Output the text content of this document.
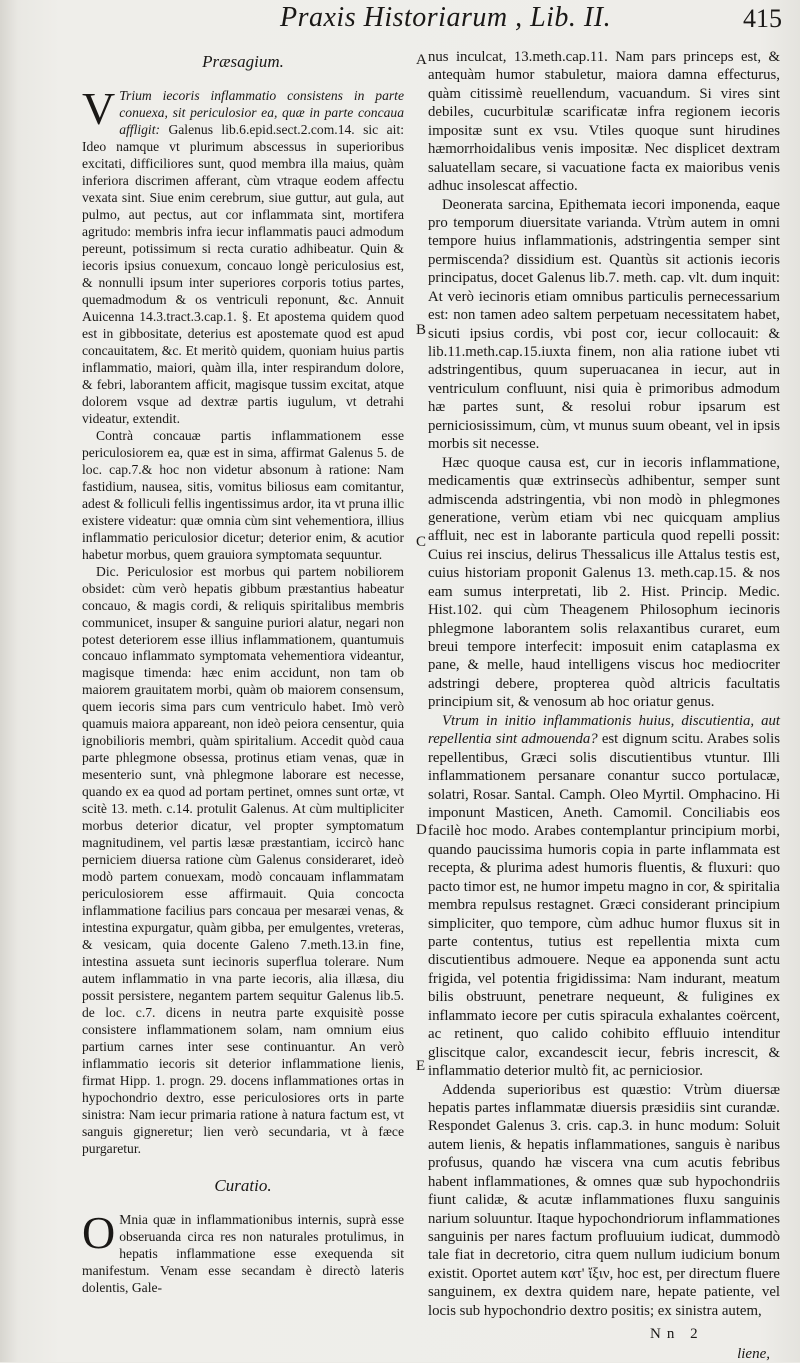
Praxis Historiarum , Lib. II.	415
A
B
C
D
E
Præsagium.

V Trium iecoris inflammatio consistens in parte conuexa, sit periculosior ea, quæ in parte concaua affligit: Galenus lib.6.epid.sect.2.com.14. sic ait: Ideo namque vt plurimum abscessus in superioribus excitati, difficiliores sunt, quod membra illa maius, quàm inferiora discrimen afferant, cùm vtraque eodem affectu vexata sint. Siue enim cerebrum, siue guttur, aut gula, aut pulmo, aut pectus, aut cor inflammata sint, mortifera agritudo: membris infra iecur inflammatis pauci admodum pereunt, potissimum si recta curatio adhibeatur. Quin & iecoris ipsius conuexum, concauo longè periculosius est, & nonnulli ipsum inter superiores corporis totius partes, quemadmodum & os ventriculi reponunt, &c. Annuit Auicenna 14.3.tract.3.cap.1. §. Et apostema quidem quod est in gibbositate, deterius est apostemate quod est apud concauitatem, &c. Et meritò quidem, quoniam huius partis inflammatio, maiori, quàm illa, inter respirandum dolore, & febri, laborantem afficit, magisque tussim excitat, atque dolorem vsque ad dextræ partis iugulum, vt detrahi videatur, extendit.

Contrà concauæ partis inflammationem esse periculosiorem ea, quæ est in sima, affirmat Galenus 5. de loc. cap.7.& hoc non videtur absonum à ratione: Nam fastidium, nausea, sitis, vomitus biliosus eam comitantur, adest & folliculi fellis ingentissimus ardor, ita vt pruna illic existere videatur: quæ omnia cùm sint vehementiora, illius inflammatio periculosior dicetur; deterior enim, & acutior habetur morbus, quem grauiora symptomata sequuntur.

Dic. Periculosior est morbus qui partem nobiliorem obsidet: cùm verò hepatis gibbum præstantius habeatur concauo, & magis cordi, & reliquis spiritalibus membris communicet, insuper & sanguine puriori alatur, negari non potest deteriorem esse illius inflammationem, quantumuis concauo inflammato symptomata vehementiora videantur, magisque timenda: hæc enim accidunt, non tam ob maiorem grauitatem morbi, quàm ob maiorem consensum, quem iecoris sima pars cum ventriculo habet. Imò verò quamuis maiora appareant, non ideò peiora censentur, quia ignobilioris membri, quàm spiritalium. Accedit quòd caua parte phlegmone obsessa, protinus etiam venas, quæ in mesenterio sunt, vnà phlegmone laborare est necesse, quando ex ea quod ad portam pertinet, omnes sunt ortæ, vt scitè 13. meth. c.14. protulit Galenus. At cùm multipliciter morbus deterior dicatur, vel propter symptomatum magnitudinem, vel partis læsæ præstantiam, iccircò hanc perniciem diuersa ratione cùm Galenus consideraret, ideò modò partem conuexam, modò concauam inflammatam periculosiorem esse affirmauit. Quia concocta inflammatione facilius pars concaua per mesaræi venas, & intestina expurgatur, quàm gibba, per emulgentes, vreteras, & vesicam, quia docente Galeno 7.meth.13.in fine, intestina assueta sunt iecinoris superflua tolerare. Num autem inflammatio in vna parte iecoris, alia illæsa, diu possit persistere, negantem partem sequitur Galenus lib.5. de loc. c.7. dicens in neutra parte exquisitè posse consistere inflammationem solam, nam omnium eius partium carnes inter sese continuantur. An verò inflammatio iecoris sit deterior inflammatione lienis, firmat Hipp. 1. progn. 29. docens inflammationes ortas in hypochondrio dextro, esse periculosiores orts in parte sinistra: Nam iecur primaria ratione à natura factum est, vt sanguis gigneretur; lien verò secundaria, vt à fæce purgaretur.

Curatio.

O Mnia quæ in inflammationibus internis, suprà esse obseruanda circa res non naturales protulimus, in hepatis inflammatione esse exequenda sit manifestum. Venam esse secandam è directò lateris dolentis, Gale-

nus inculcat, 13.meth.cap.11. Nam pars princeps est, & antequàm humor stabuletur, maiora damna effecturus, quàm citissimè reuellendum, vacuandum. Si vires sint debiles, cucurbitulæ scarificatæ infra regionem iecoris impositæ sunt ex vsu. Vtiles quoque sunt hirudines hæmorrhoidalibus venis impositæ. Nec displicet dextram saluatellam secare, si vacuatione facta ex maioribus venis adhuc insolescat affectio.

Deonerata sarcina, Epithemata iecori imponenda, eaque pro temporum diuersitate varianda. Vtrùm autem in omni tempore huius inflammationis, adstringentia semper sint permiscenda? dissidium est. Quantùs sit actionis iecoris principatus, docet Galenus lib.7. meth. cap. vlt. dum inquit: At verò iecinoris etiam omnibus particulis pernecessarium est: non tamen adeo saltem perpetuam necessitatem habet, sicuti ipsius cordis, vbi post cor, iecur collocauit: & lib.11.meth.cap.15.iuxta finem, non alia ratione iubet vti adstringentibus, quum superuacanea in iecur, aut in ventriculum confluunt, nisi quia è primoribus admodum hæ partes sunt, & resolui robur ipsarum est perniciosissimum, cùm, vt munus suum obeant, vel in ipsis morbis sit necesse.

Hæc quoque causa est, cur in iecoris inflammatione, medicamentis quæ extrinsecùs adhibentur, semper sunt admiscenda adstringentia, vbi non modò in phlegmones generatione, verùm etiam vbi nec quicquam amplius affluit, nec est in laborante particula quod repelli possit: Cuius rei inscius, delirus Thessalicus ille Attalus testis est, cuius historiam proponit Galenus 13. meth.cap.15. & nos eam sumus interpretati, lib 2. Hist. Princip. Medic. Hist.102. qui cùm Theagenem Philosophum iecinoris phlegmone laborantem solis relaxantibus curaret, eum breui tempore interfecit: imposuit enim cataplasma ex pane, & melle, haud intelligens viscus hoc mediocriter adstringi debere, propterea quòd altricis facultatis principium sit, & venosum ab hoc oriatur genus.

Vtrum in initio inflammationis huius, discutientia, aut repellentia sint admouenda? est dignum scitu. Arabes solis repellentibus, Græci solis discutientibus vtuntur. Illi inflammationem persanare conantur succo portulacæ, solatri, Rosar. Santal. Camph. Oleo Myrtil. Omphacino. Hi imponunt Masticen, Aneth. Camomil. Conciliabis eos facilè hoc modo. Arabes contemplantur principium morbi, quando paucissima humoris copia in parte inflammata est recepta, & plurima adest humoris fluentis, & fluxuri: quo pacto timor est, ne humor impetu magno in cor, & spiritalia membra repulsus restagnet. Græci considerant principium simpliciter, quo tempore, cùm adhuc humor fluxus sit in parte contentus, tutius est repellentia mixta cum discutientibus admouere. Neque ea apponenda sunt actu frigida, vel potentia frigidissima: Nam indurant, meatum bilis obstruunt, penetrare nequeunt, & fuligines ex inflammato iecore per cutis spiracula exhalantes coërcent, ac retinent, quo calido cohibito effluuio intenditur gliscitque calor, excandescit iecur, febris increscit, & inflammatio deterior multò fit, ac perniciosior.

Addenda superioribus est quæstio: Vtrùm diuersæ hepatis partes inflammatæ diuersis præsidiis sint curandæ. Respondet Galenus 3. cris. cap.3. in hunc modum: Soluit autem lienis, & hepatis inflammationes, sanguis è naribus profusus, quando hæ viscera vna cum acutis febribus habent inflammationes, & omnes quæ sub hypochondriis fiunt calidæ, & acutæ inflammationes fluxu sanguinis narium soluuntur. Itaque hypochondriorum inflammationes sanguinis per nares factum profluuium iudicat, dummodò tale fiat in decretorio, citra quem nullum iudicium bonum existit. Oportet autem κατ' ἴξιν, hoc est, per directum fluere sanguinem, ex dextra quidem nare, hepate patiente, vel locis sub hypochondrio dextro positis; ex sinistra autem,

Nn 2
liene,
